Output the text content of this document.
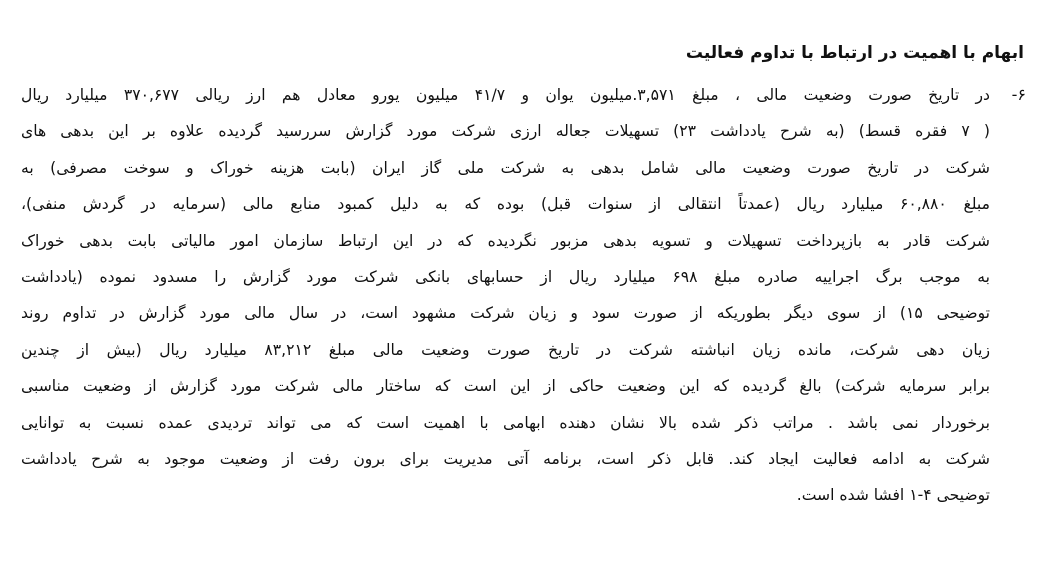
ابهام با اهمیت در ارتباط با تداوم فعالیت
۶-
در تاریخ صورت وضعیت مالی ، مبلغ ۳,۵۷۱.میلیون یوان و ۴۱/۷ میلیون یورو معادل هم ارز ریالی ۳۷۰,۶۷۷ میلیارد ریال
( ۷ فقره قسط) (به شرح یادداشت ۲۳) تسهیلات جعاله ارزی شرکت مورد گزارش سررسید گردیده علاوه بر این بدهی های
شرکت در تاریخ صورت وضعیت مالی شامل بدهی به شرکت ملی گاز ایران (بابت هزینه خوراک و سوخت مصرفی) به
مبلغ ۶۰,۸۸۰ میلیارد ریال (عمدتاً انتقالی از سنوات قبل) بوده که به دلیل کمبود منابع مالی (سرمایه در گردش منفی)،
شرکت قادر به بازپرداخت تسهیلات و تسویه بدهی مزبور نگردیده که در این ارتباط سازمان امور مالیاتی بابت بدهی خوراک
به موجب برگ اجراییه صادره مبلغ ۶۹۸ میلیارد ریال از حسابهای بانکی شرکت مورد گزارش را مسدود نموده (یادداشت
توضیحی ۱۵) از سوی دیگر بطوریکه از صورت سود و زیان شرکت مشهود است، در سال مالی مورد گزارش در تداوم روند
زیان دهی شرکت، مانده زیان انباشته شرکت در تاریخ صورت وضعیت مالی مبلغ ۸۳,۲۱۲ میلیارد ریال (بیش از چندین
برابر سرمایه شرکت) بالغ گردیده که این وضعیت حاکی از این است که ساختار مالی شرکت مورد گزارش از وضعیت مناسبی
برخوردار نمی باشد . مراتب ذکر شده بالا نشان دهنده ابهامی با اهمیت است که می تواند تردیدی عمده نسبت به توانایی
شرکت به ادامه فعالیت ایجاد کند. قابل ذکر است، برنامه آتی مدیریت برای برون رفت از وضعیت موجود به شرح یادداشت
توضیحی ۴-۱ افشا شده است.
